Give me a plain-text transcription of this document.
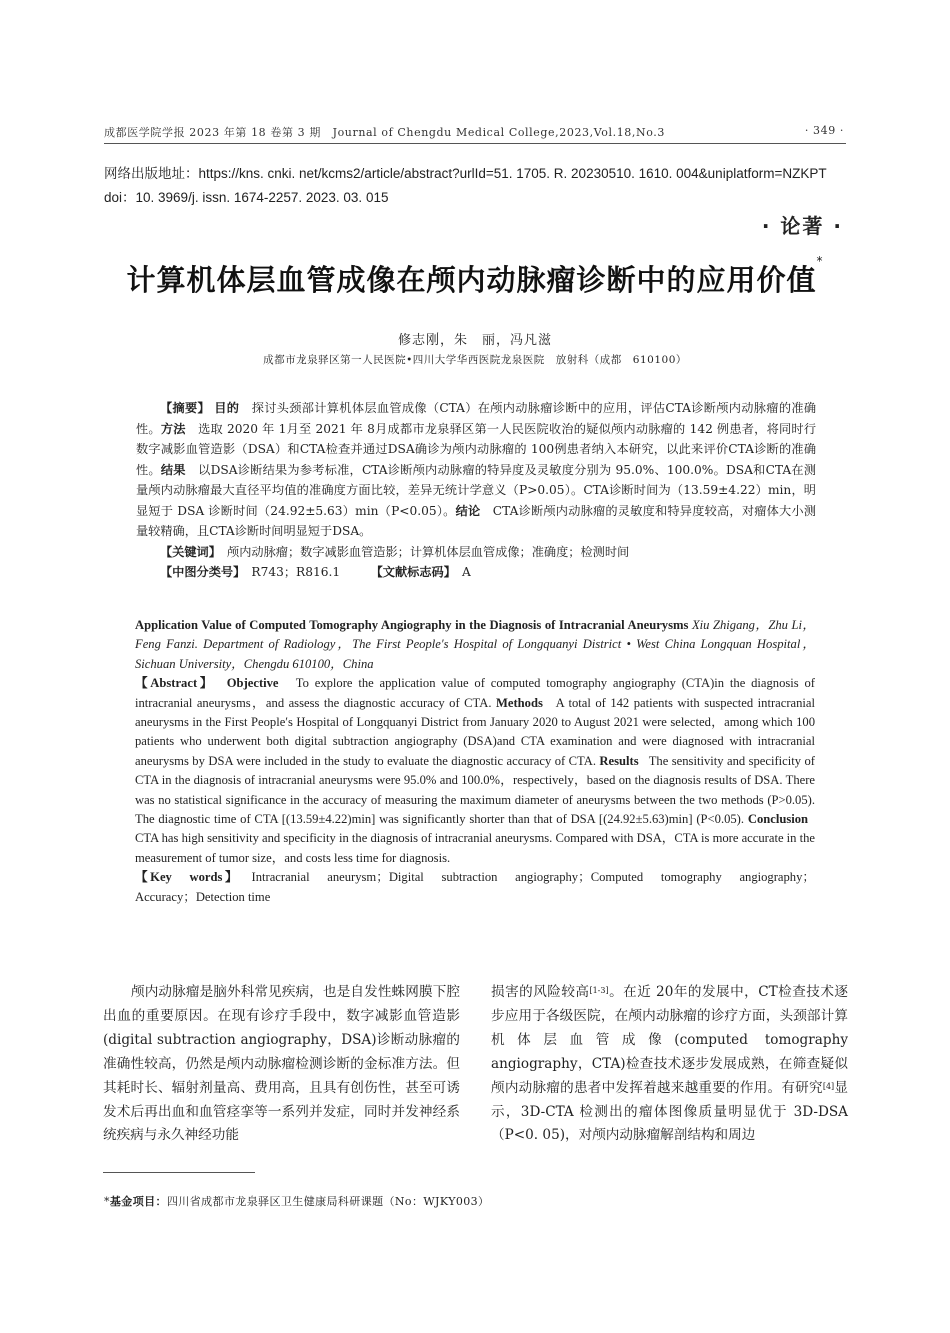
成都医学院学报 2023 年第 18 卷第 3 期　Journal of Chengdu Medical College,2023,Vol.18,No.3	· 349 ·
网络出版地址：https://kns. cnki. net/kcms2/article/abstract?urlId=51. 1705. R. 20230510. 1610. 004&uniplatform=NZKPT
doi：10. 3969/j. issn. 1674-2257. 2023. 03. 015
· 论著 ·
计算机体层血管成像在颅内动脉瘤诊断中的应用价值*
修志刚，朱　丽，冯凡滋
成都市龙泉驿区第一人民医院•四川大学华西医院龙泉医院　放射科（成都　610100）

【摘要】 目的　 探讨头颈部计算机体层血管成像（CTA）在颅内动脉瘤诊断中的应用，评估CTA诊断颅内动脉瘤的准确性。方法　 选取 2020 年 1月至 2021 年 8月成都市龙泉驿区第一人民医院收治的疑似颅内动脉瘤的 142 例患者，将同时行数字减影血管造影（DSA）和CTA检查并通过DSA确诊为颅内动脉瘤的 100例患者纳入本研究，以此来评价CTA诊断的准确性。结果　 以DSA诊断结果为参考标准，CTA诊断颅内动脉瘤的特异度及灵敏度分别为 95.0%、100.0%。DSA和CTA在测量颅内动脉瘤最大直径平均值的准确度方面比较，差异无统计学意义（P>0.05）。CTA诊断时间为（13.59±4.22）min，明显短于 DSA 诊断时间（24.92±5.63）min（P<0.05）。结论　 CTA诊断颅内动脉瘤的灵敏度和特异度较高，对瘤体大小测量较精确，且CTA诊断时间明显短于DSA。

【关键词】　 颅内动脉瘤；数字减影血管造影；计算机体层血管成像；准确度；检测时间

【中图分类号】　 R743；R816.1　　　	【文献标志码】　 A

Application Value of Computed Tomography Angiography in the Diagnosis of Intracranial Aneurysms Xiu Zhigang，Zhu Li，Feng Fanzi. Department of Radiology，The First People′s Hospital of Longquanyi District • West China Longquan Hospital，Sichuan University，Chengdu 610100，China

【Abstract】 Objective To explore the application value of computed tomography angiography (CTA)in the diagnosis of intracranial aneurysms，and assess the diagnostic accuracy of CTA. Methods A total of 142 patients with suspected intracranial aneurysms in the First People′s Hospital of Longquanyi District from January 2020 to August 2021 were selected，among which 100 patients who underwent both digital subtraction angiography (DSA)and CTA examination and were diagnosed with intracranial aneurysms by DSA were included in the study to evaluate the diagnostic accuracy of CTA. Results The sensitivity and specificity of CTA in the diagnosis of intracranial aneurysms were 95.0% and 100.0%，respectively，based on the diagnosis results of DSA. There was no statistical significance in the accuracy of measuring the maximum diameter of aneurysms between the two methods (P>0.05). The diagnostic time of CTA [(13.59±4.22)min] was significantly shorter than that of DSA [(24.92±5.63)min] (P<0.05). Conclusion   CTA has high sensitivity and specificity in the diagnosis of intracranial aneurysms. Compared with DSA，CTA is more accurate in the measurement of tumor size，and costs less time for diagnosis.

【Key　words】 Intracranial　aneurysm；Digital　subtraction　angiography；Computed　tomography　angiography；Accuracy；Detection time

颅内动脉瘤是脑外科常见疾病，也是自发性蛛网膜下腔出血的重要原因。在现有诊疗手段中，数字减影血管造影(digital subtraction angiography，DSA)诊断动脉瘤的准确性较高，仍然是颅内动脉瘤检测诊断的金标准方法。但其耗时长、辐射剂量高、费用高，且具有创伤性，甚至可诱发术后再出血和血管痉挛等一系列并发症，同时并发神经系统疾病与永久神经功能

损害的风险较高[1-3]。在近 20年的发展中，CT检查技术逐步应用于各级医院，在颅内动脉瘤的诊疗方面，头颈部计算机体层血管成像(computed tomography angiography，CTA)检查技术逐步发展成熟，在筛查疑似颅内动脉瘤的患者中发挥着越来越重要的作用。有研究[4]显示，3D-CTA 检测出的瘤体图像质量明显优于 3D-DSA（P<0. 05)，对颅内动脉瘤解剖结构和周边

*基金项目：四川省成都市龙泉驿区卫生健康局科研课题（No：WJKY003）
